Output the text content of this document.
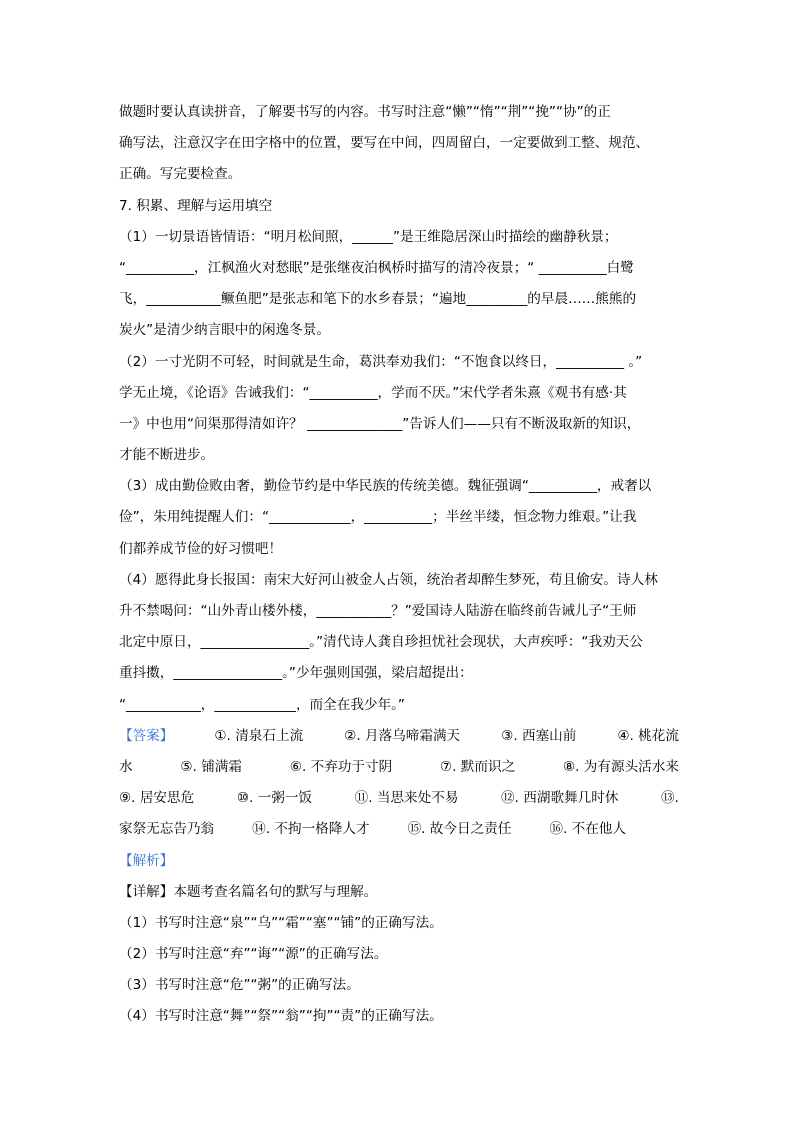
做题时要认真读拼音，了解要书写的内容。书写时注意“懒”“惰”“荆”“挽”“协”的正
确写法，注意汉字在田字格中的位置，要写在中间，四周留白，一定要做到工整、规范、
正确。写完要检查。
7. 积累、理解与运用填空
（1）一切景语皆情语：“明月松间照，______”是王维隐居深山时描绘的幽静秋景；
“__________，江枫渔火对愁眠”是张继夜泊枫桥时描写的清冷夜景；“ __________白鹭
飞，___________鳜鱼肥”是张志和笔下的水乡春景；“遍地_________的早晨……熊熊的
炭火”是清少纳言眼中的闲逸冬景。
（2）一寸光阴不可轻，时间就是生命，葛洪奉劝我们：“不饱食以终日，__________ 。”
学无止境，《论语》告诫我们：“__________，学而不厌。”宋代学者朱熹《观书有感·其
一》中也用“问渠那得清如许？ ______________”告诉人们——只有不断汲取新的知识，
才能不断进步。
（3）成由勤俭败由奢，勤俭节约是中华民族的传统美德。魏征强调“__________，戒奢以
俭”，朱用纯提醒人们：“____________，__________；半丝半缕，恒念物力维艰。”让我
们都养成节俭的好习惯吧！
（4）愿得此身长报国：南宋大好河山被金人占领，统治者却醉生梦死，苟且偷安。诗人林
升不禁喝问：“山外青山楼外楼，___________？”爱国诗人陆游在临终前告诫儿子“王师
北定中原日，________________。”清代诗人龚自珍担忧社会现状，大声疾呼：“我劝天公
重抖擞，________________。”少年强则国强，梁启超提出：
“___________，____________，而全在我少年。”
【答案】	①. 清泉石上流	②. 月落乌啼霜满天	③. 西塞山前	④. 桃花流
水	⑤. 铺满霜	⑥. 不弃功于寸阴	⑦. 默而识之	⑧. 为有源头活水来
⑨. 居安思危	⑩. 一粥一饭	⑪. 当思来处不易	⑫. 西湖歌舞几时休	⑬.
家祭无忘告乃翁	⑭. 不拘一格降人才	⑮. 故今日之责任	⑯. 不在他人
【解析】
【详解】本题考查名篇名句的默写与理解。
（1）书写时注意“泉”“乌”“霜”“塞”“铺”的正确写法。
（2）书写时注意“弃”“诲”“源”的正确写法。
（3）书写时注意“危”“粥”的正确写法。
（4）书写时注意“舞”“祭”“翁”“拘”“责”的正确写法。
